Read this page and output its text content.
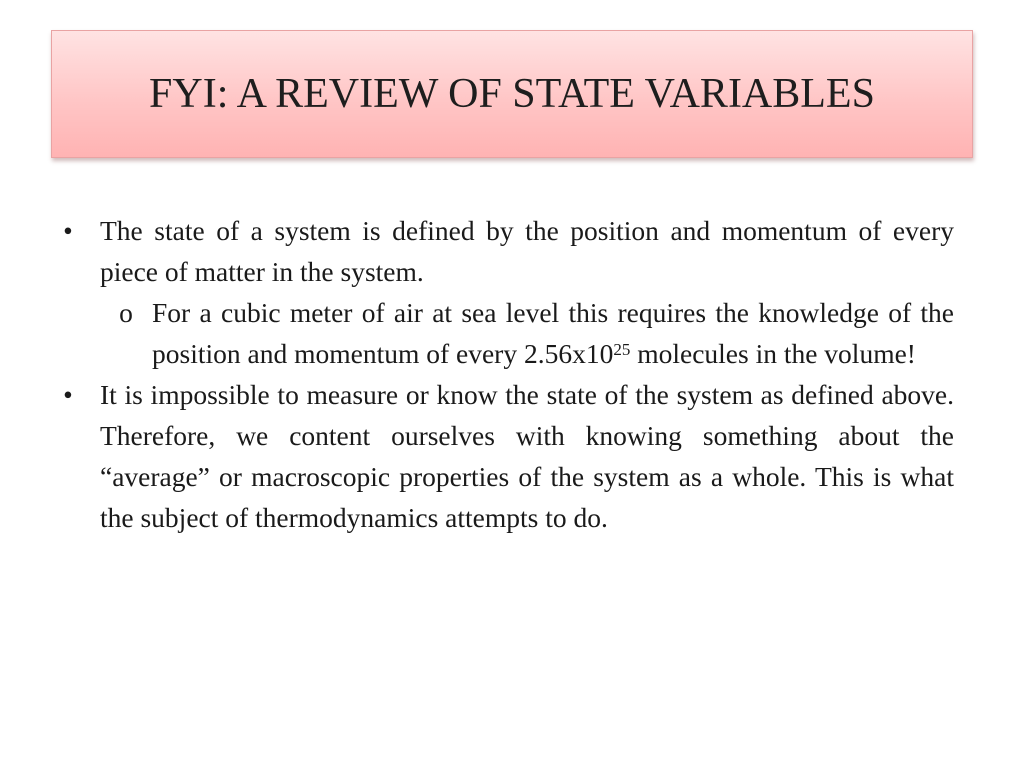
FYI: A REVIEW OF STATE VARIABLES
• The state of a system is defined by the position and momentum of every piece of matter in the system.
o For a cubic meter of air at sea level this requires the knowledge of the position and momentum of every $2.56x10^{25}$ molecules in the volume!
• It is impossible to measure or know the state of the system as defined above. Therefore, we content ourselves with knowing something about the “average” or macroscopic properties of the system as a whole. This is what the subject of thermodynamics attempts to do.
